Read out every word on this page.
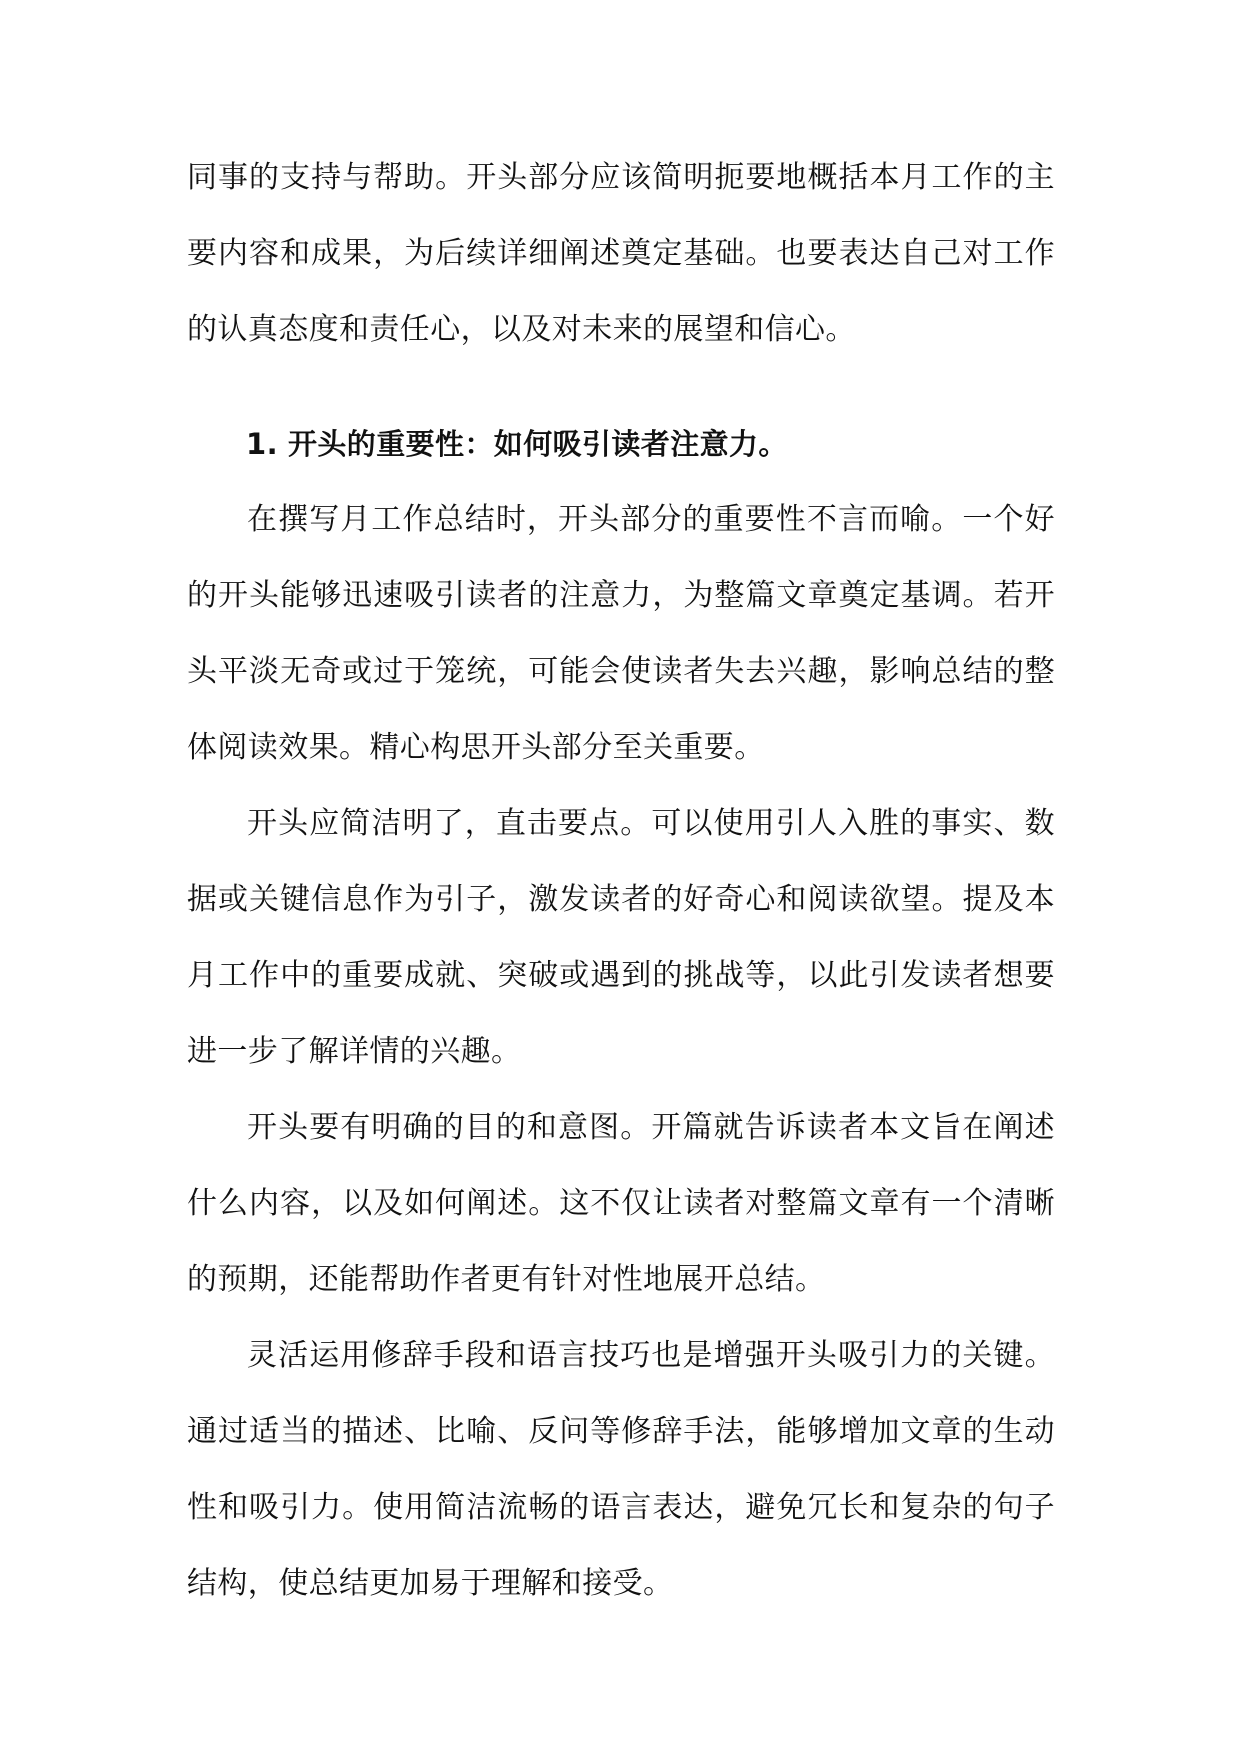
同事的支持与帮助。开头部分应该简明扼要地概括本月工作的主要内容和成果，为后续详细阐述奠定基础。也要表达自己对工作的认真态度和责任心，以及对未来的展望和信心。

1. 开头的重要性：如何吸引读者注意力。

在撰写月工作总结时，开头部分的重要性不言而喻。一个好的开头能够迅速吸引读者的注意力，为整篇文章奠定基调。若开头平淡无奇或过于笼统，可能会使读者失去兴趣，影响总结的整体阅读效果。精心构思开头部分至关重要。

开头应简洁明了，直击要点。可以使用引人入胜的事实、数据或关键信息作为引子，激发读者的好奇心和阅读欲望。提及本月工作中的重要成就、突破或遇到的挑战等，以此引发读者想要进一步了解详情的兴趣。

开头要有明确的目的和意图。开篇就告诉读者本文旨在阐述什么内容，以及如何阐述。这不仅让读者对整篇文章有一个清晰的预期，还能帮助作者更有针对性地展开总结。

灵活运用修辞手段和语言技巧也是增强开头吸引力的关键。通过适当的描述、比喻、反问等修辞手法，能够增加文章的生动性和吸引力。使用简洁流畅的语言表达，避免冗长和复杂的句子结构，使总结更加易于理解和接受。
